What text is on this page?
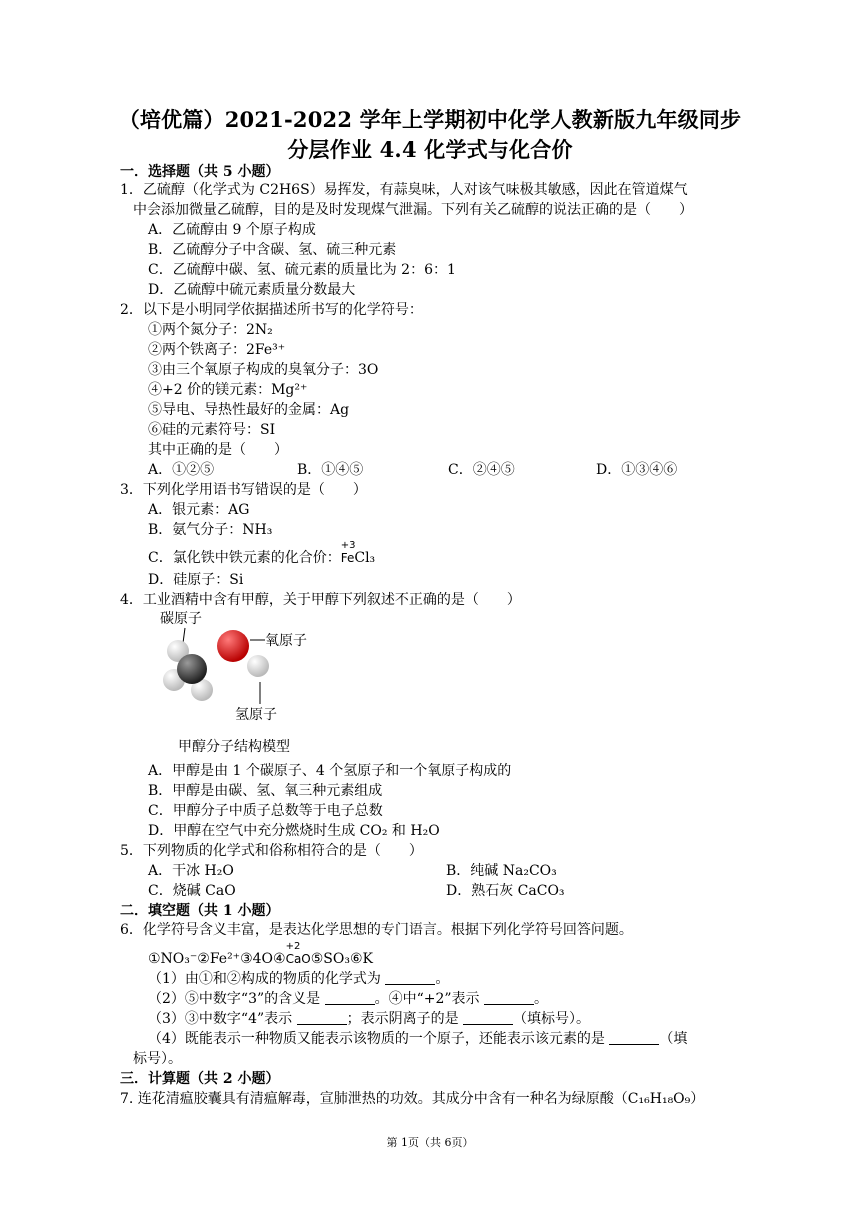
（培优篇）2021-2022 学年上学期初中化学人教新版九年级同步
分层作业 4.4 化学式与化合价
一．选择题（共 5 小题）
1．乙硫醇（化学式为 C2H6S）易挥发，有蒜臭味，人对该气味极其敏感，因此在管道煤气
中会添加微量乙硫醇，目的是及时发现煤气泄漏。下列有关乙硫醇的说法正确的是（　　）
A．乙硫醇由 9 个原子构成
B．乙硫醇分子中含碳、氢、硫三种元素
C．乙硫醇中碳、氢、硫元素的质量比为 2：6：1
D．乙硫醇中硫元素质量分数最大
2．以下是小明同学依据描述所书写的化学符号：
①两个氮分子：2N₂
②两个铁离子：2Fe³⁺
③由三个氧原子构成的臭氧分子：3O
④+2 价的镁元素：Mg²⁺
⑤导电、导热性最好的金属：Ag
⑥硅的元素符号：SI
其中正确的是（　　）
A．①②⑤	B．①④⑤	C．②④⑤	D．①③④⑥
3．下列化学用语书写错误的是（　　）
A．银元素：AG
B．氨气分子：NH₃
C．氯化铁中铁元素的化合价：
+3
FeCl₃
D．硅原子：Si
4．工业酒精中含有甲醇，关于甲醇下列叙述不正确的是（　　）
碳原子
氧原子
氢原子
甲醇分子结构模型
A．甲醇是由 1 个碳原子、4 个氢原子和一个氧原子构成的
B．甲醇是由碳、氢、氧三种元素组成
C．甲醇分子中质子总数等于电子总数
D．甲醇在空气中充分燃烧时生成 CO₂ 和 H₂O
5．下列物质的化学式和俗称相符合的是（　　）
A．干冰 H₂O	B．纯碱 Na₂CO₃
C．烧碱 CaO	D．熟石灰 CaCO₃
二．填空题（共 1 小题）
6．化学符号含义丰富，是表达化学思想的专门语言。根据下列化学符号回答问题。
①NO₃⁻②Fe²⁺③4O④
+2
CaO⑤SO₃⑥K
（1）由①和②构成的物质的化学式为	。
（2）⑤中数字“3”的含义是	。④中“+2”表示	。
（3）③中数字“4”表示	；表示阴离子的是	（填标号）。
（4）既能表示一种物质又能表示该物质的一个原子，还能表示该元素的是	（填
标号）。
三．计算题（共 2 小题）
7. 连花清瘟胶囊具有清瘟解毒，宣肺泄热的功效。其成分中含有一种名为绿原酸（C₁₆H₁₈O₉）
第 1页（共 6页）
